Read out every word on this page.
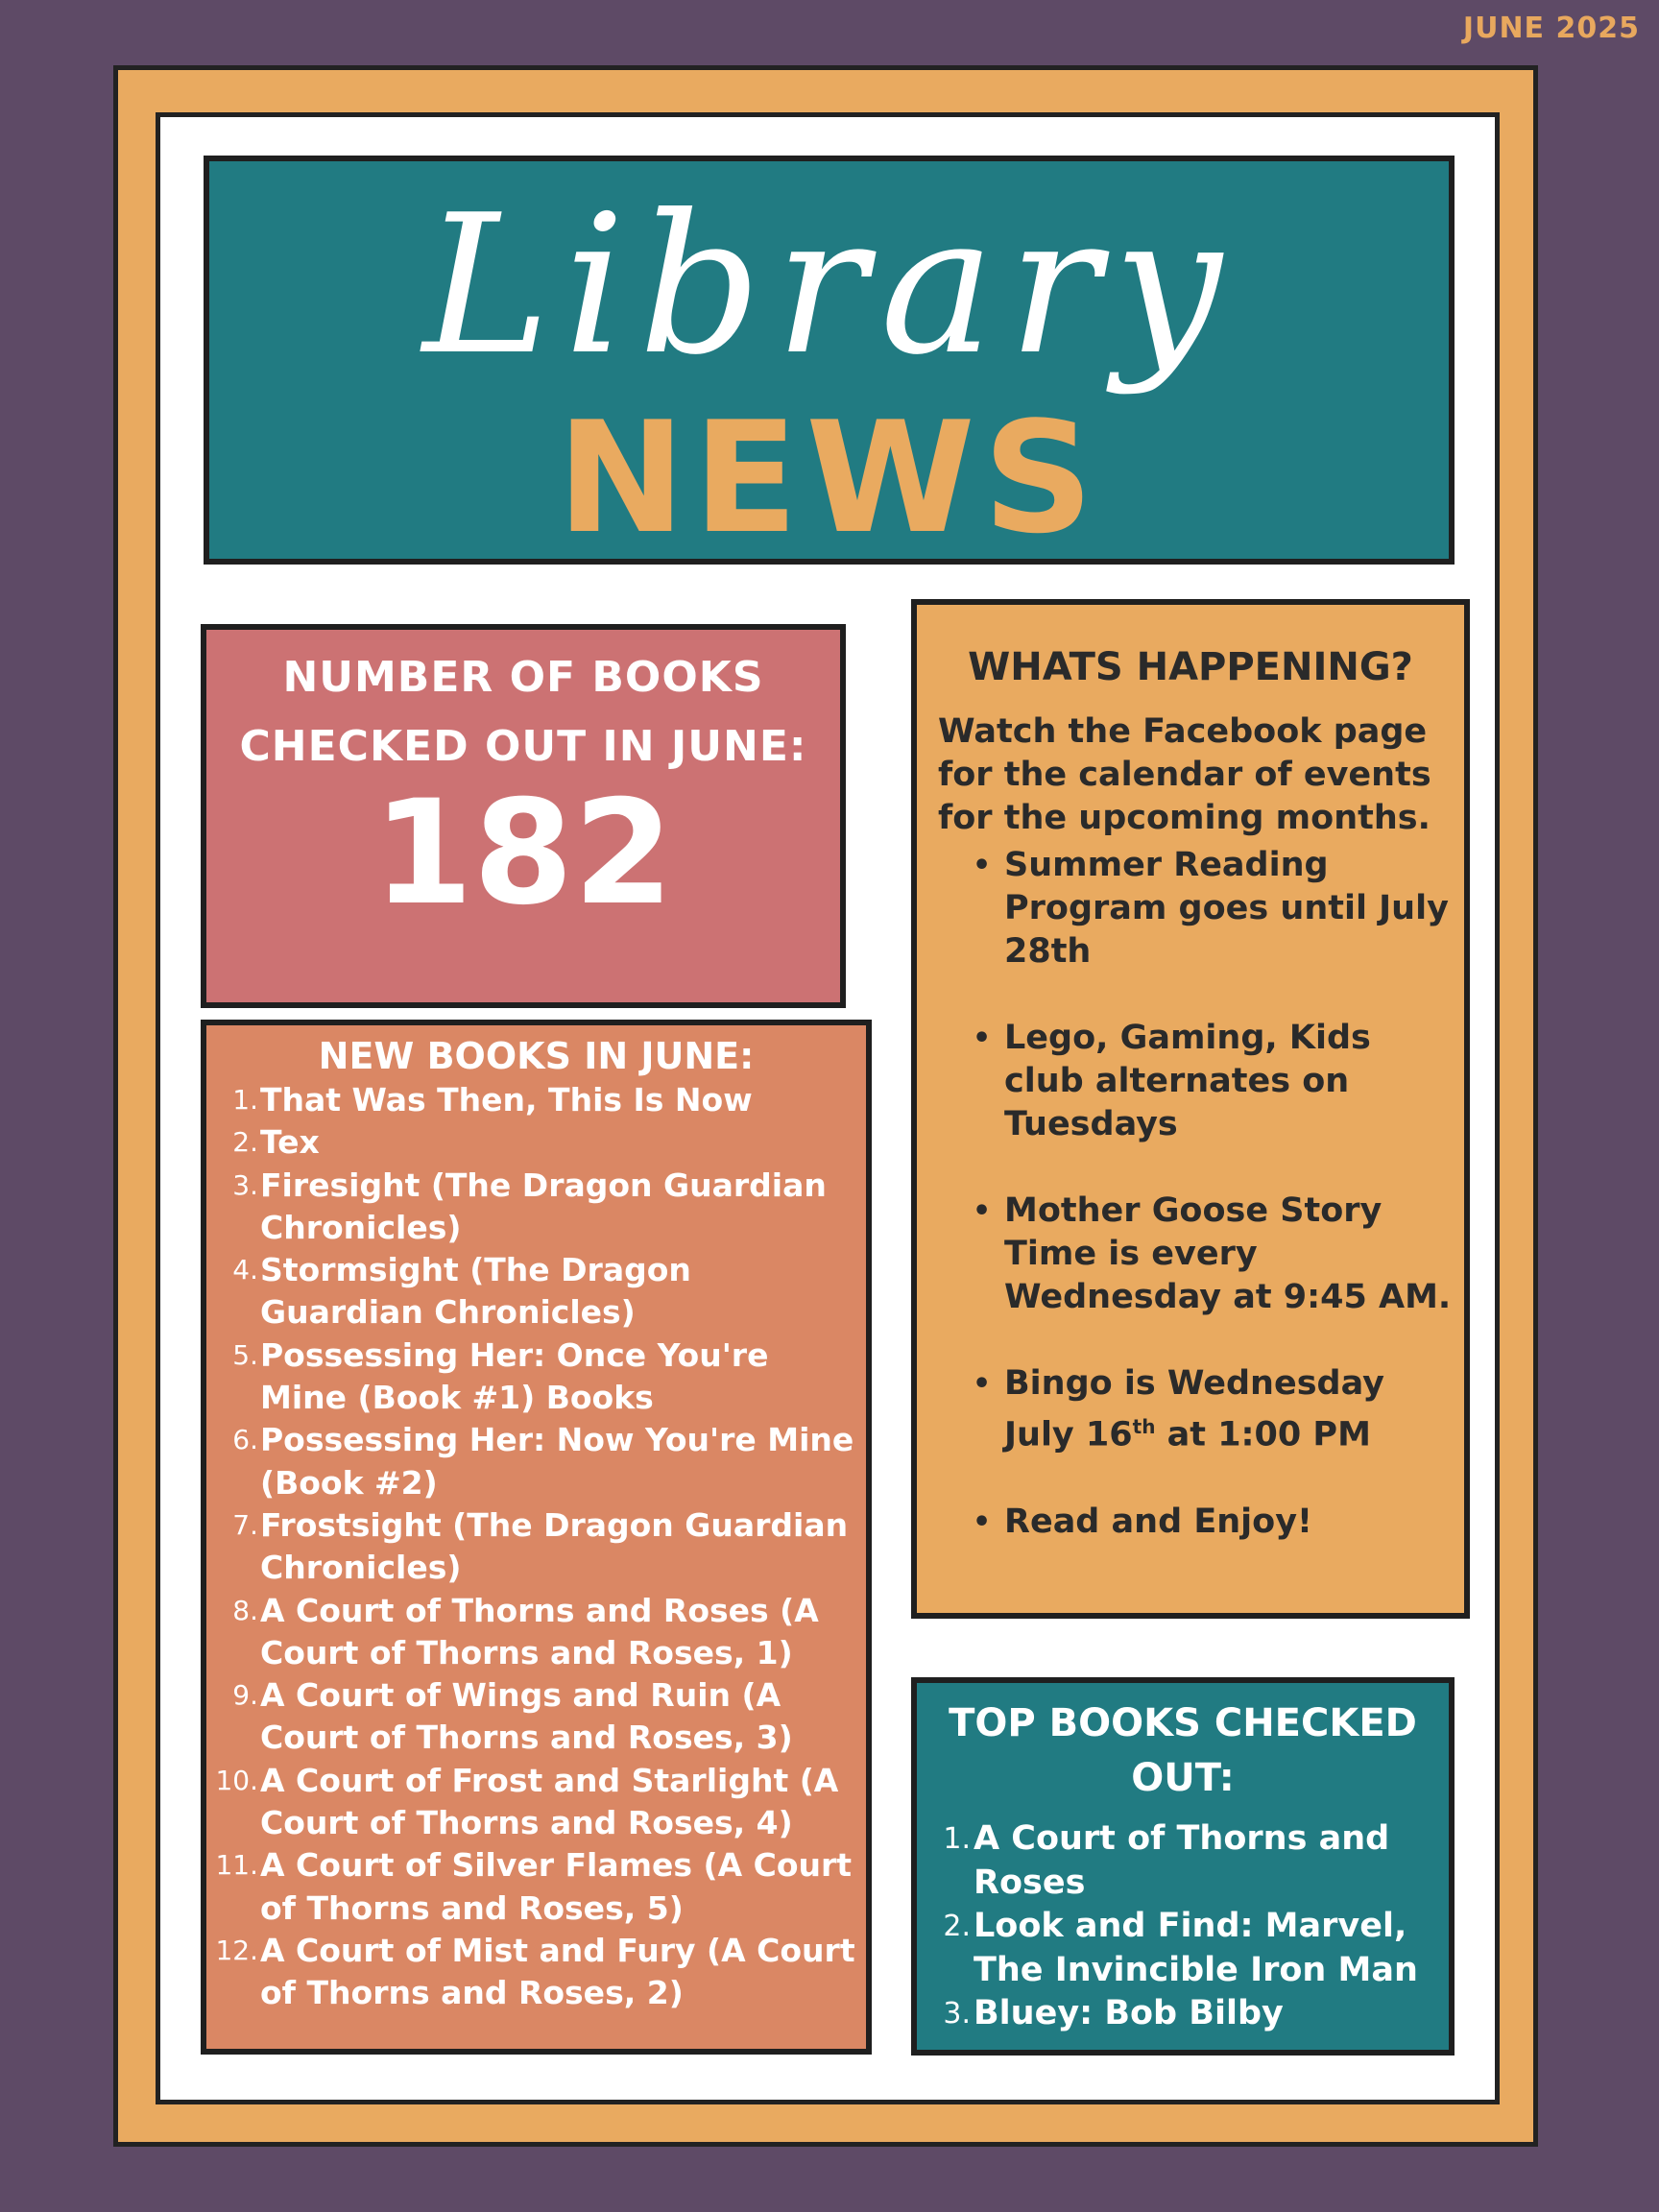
JUNE 2025
Library
NEWS
NUMBER OF BOOKS CHECKED OUT IN JUNE:
182
NEW BOOKS IN JUNE:
1. That Was Then, This Is Now
2. Tex
3. Firesight (The Dragon Guardian Chronicles)
4. Stormsight (The Dragon Guardian Chronicles)
5. Possessing Her: Once You're Mine (Book #1) Books
6. Possessing Her: Now You're Mine (Book #2)
7. Frostsight (The Dragon Guardian Chronicles)
8. A Court of Thorns and Roses (A Court of Thorns and Roses, 1)
9. A Court of Wings and Ruin (A Court of Thorns and Roses, 3)
10. A Court of Frost and Starlight (A Court of Thorns and Roses, 4)
11. A Court of Silver Flames (A Court of Thorns and Roses, 5)
12. A Court of Mist and Fury (A Court of Thorns and Roses, 2)
WHATS HAPPENING?
Watch the Facebook page for the calendar of events for the upcoming months.
• Summer Reading Program goes until July 28th
• Lego, Gaming, Kids club alternates on Tuesdays
• Mother Goose Story Time is every Wednesday at 9:45 AM.
• Bingo is Wednesday July 16th at 1:00 PM
• Read and Enjoy!
TOP BOOKS CHECKED OUT:
1. A Court of Thorns and Roses
2. Look and Find: Marvel, The Invincible Iron Man
3. Bluey: Bob Bilby
